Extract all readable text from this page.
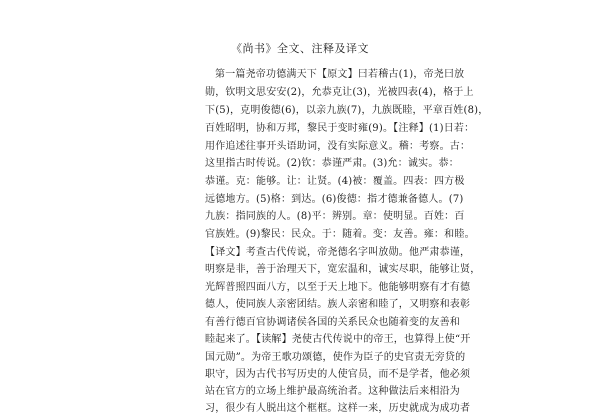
《尚书》全文、注释及译文
第一篇尧帝功德满天下【原文】曰若稽古(1)，帝尧曰放
勋，钦明文思安安(2)，允恭克让(3)，光被四表(4)，格于上
下(5)，克明俊德(6)，以亲九族(7)，九族既睦，平章百姓(8)，
百姓昭明，协和万邦，黎民于变时雍(9)。【注释】(1)日若：
用作追述往事开头语助词，没有实际意义。稽：考察。古：
这里指古时传说。(2)钦：恭谨严肃。(3)允：诚实。恭：
恭谨。克：能够。让：让贤。(4)被：覆盖。四表：四方极
远德地方。(5)格：到达。(6)俊德：指才德兼备德人。(7)
九族：指同族的人。(8)平：辨别。章：使明显。百姓：百
官族姓。(9)黎民：民众。于：随着。变：友善。雍：和睦。
【译文】考查古代传说，帝尧德名字叫放勋。他严肃恭谨，
明察是非，善于治理天下，宽宏温和，诚实尽职，能够让贤，
光辉普照四面八方，以至于天上地下。他能够明察有才有德
德人，使同族人亲密团结。族人亲密和睦了，又明察和表彰
有善行德百官协调诸侯各国的关系民众也随着变的友善和
睦起来了。【读解】尧使古代传说中的帝王，也算得上使“开
国元勋”。为帝王歌功颂德，使作为臣子的史官责无旁贷的
职守，因为古代书写历史的人使官员，而不是学者，他必须
站在官方的立场上维护最高统治者。这种做法后来相沿为
习，很少有人脱出这个框框。这样一来，历史就成为成功者
